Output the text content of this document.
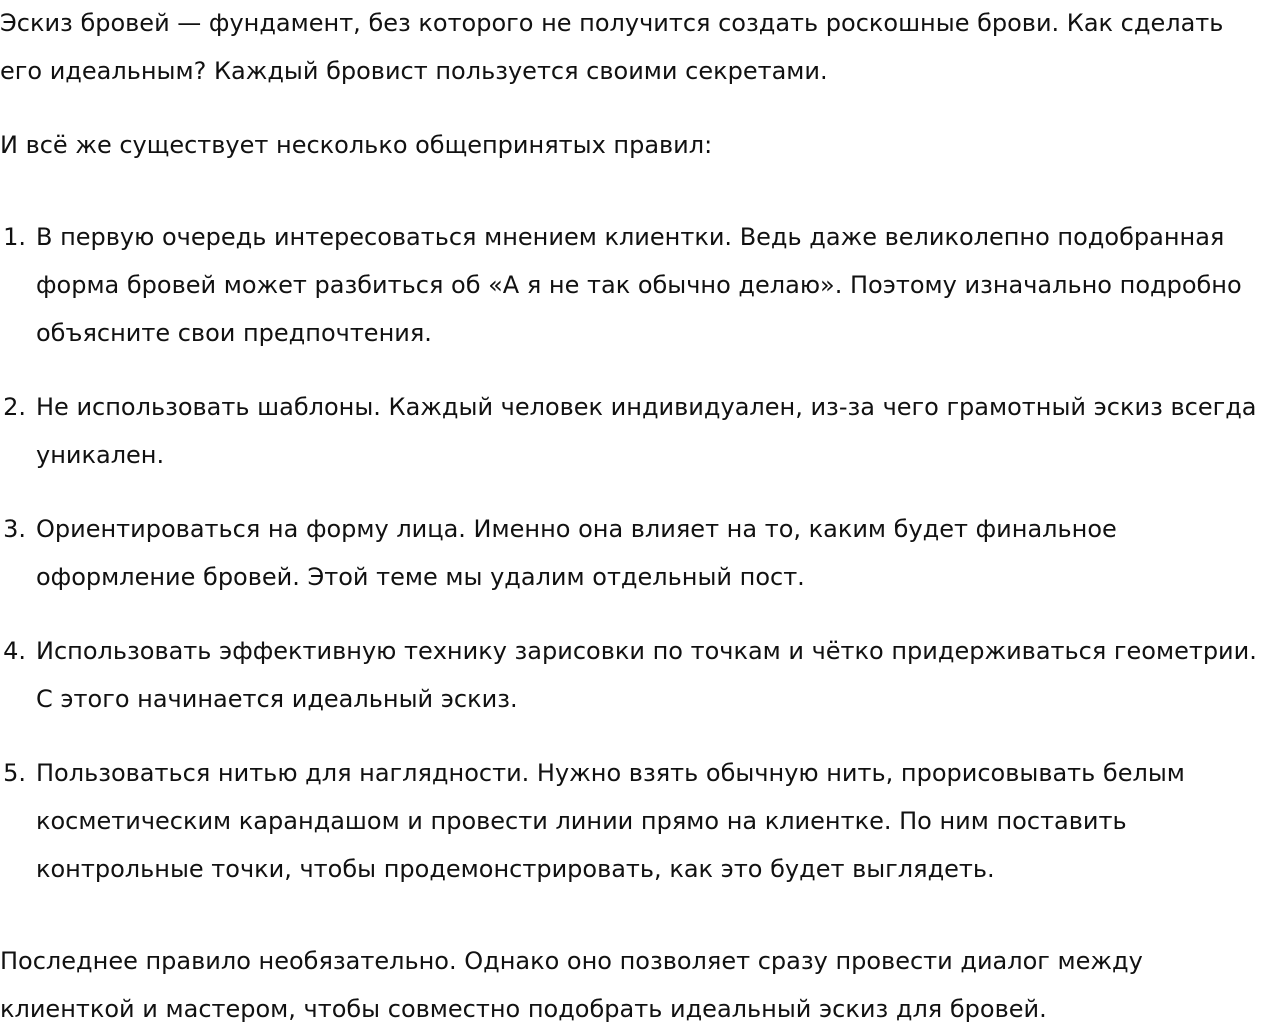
Эскиз бровей — фундамент, без которого не получится создать роскошные брови. Как сделать его идеальным? Каждый бровист пользуется своими секретами.

И всё же существует несколько общепринятых правил:

1. В первую очередь интересоваться мнением клиентки. Ведь даже великолепно подобранная форма бровей может разбиться об «А я не так обычно делаю». Поэтому изначально подробно объясните свои предпочтения.
2. Не использовать шаблоны. Каждый человек индивидуален, из-за чего грамотный эскиз всегда уникален.
3. Ориентироваться на форму лица. Именно она влияет на то, каким будет финальное оформление бровей. Этой теме мы удалим отдельный пост.
4. Использовать эффективную технику зарисовки по точкам и чётко придерживаться геометрии. С этого начинается идеальный эскиз.
5. Пользоваться нитью для наглядности. Нужно взять обычную нить, прорисовывать белым косметическим карандашом и провести линии прямо на клиентке. По ним поставить контрольные точки, чтобы продемонстрировать, как это будет выглядеть.

Последнее правило необязательно. Однако оно позволяет сразу провести диалог между клиенткой и мастером, чтобы совместно подобрать идеальный эскиз для бровей.
